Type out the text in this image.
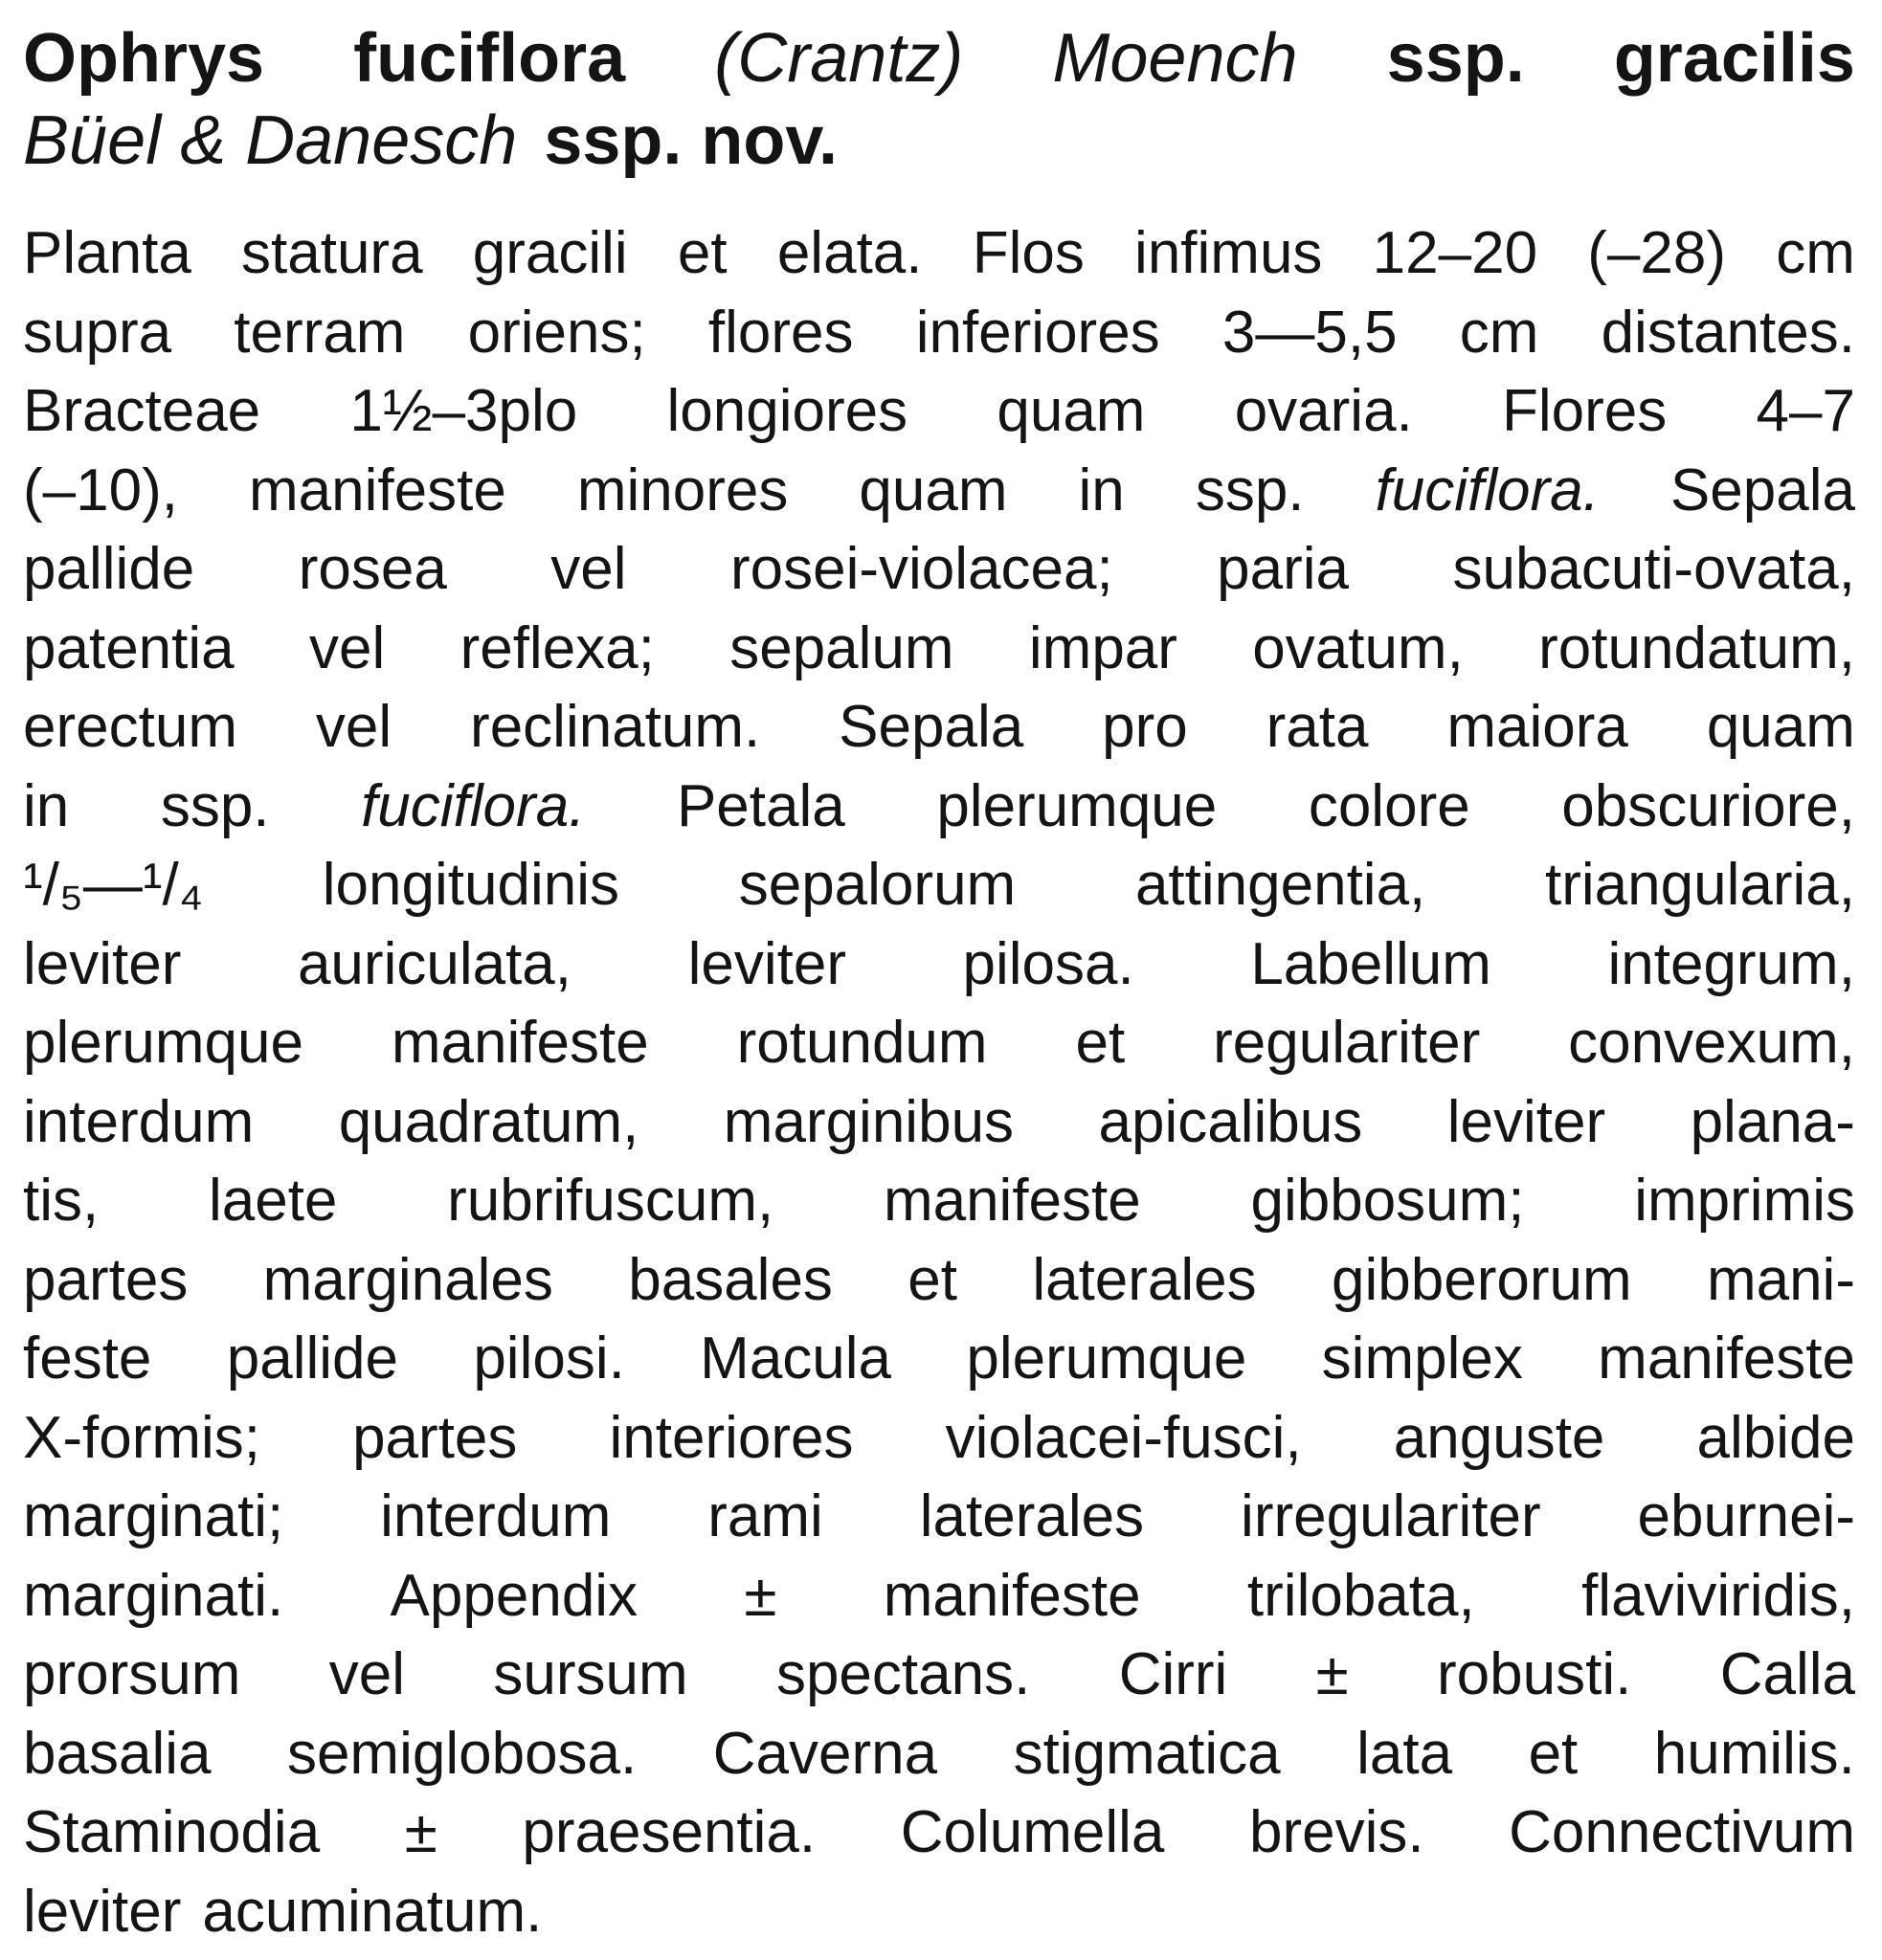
Ophrys fuciflora (Crantz) Moench ssp. gracilis
Büel & Danesch ssp. nov.
Planta statura gracili et elata. Flos infimus 12–20 (–28) cm
supra terram oriens; flores inferiores 3—5,5 cm distantes.
Bracteae 1½–3plo longiores quam ovaria. Flores 4–7
(–10), manifeste minores quam in ssp. fuciflora. Sepala
pallide rosea vel rosei-violacea; paria subacuti-ovata,
patentia vel reflexa; sepalum impar ovatum, rotundatum,
erectum vel reclinatum. Sepala pro rata maiora quam
in ssp. fuciflora. Petala plerumque colore obscuriore,
¹/₅—¹/₄ longitudinis sepalorum attingentia, triangularia,
leviter auriculata, leviter pilosa. Labellum integrum,
plerumque manifeste rotundum et regulariter convexum,
interdum quadratum, marginibus apicalibus leviter plana-
tis, laete rubrifuscum, manifeste gibbosum; imprimis
partes marginales basales et laterales gibberorum mani-
feste pallide pilosi. Macula plerumque simplex manifeste
X-formis; partes interiores violacei-fusci, anguste albide
marginati; interdum rami laterales irregulariter eburnei-
marginati. Appendix ± manifeste trilobata, flaviviridis,
prorsum vel sursum spectans. Cirri ± robusti. Calla
basalia semiglobosa. Caverna stigmatica lata et humilis.
Staminodia ± praesentia. Columella brevis. Connectivum
leviter acuminatum.
